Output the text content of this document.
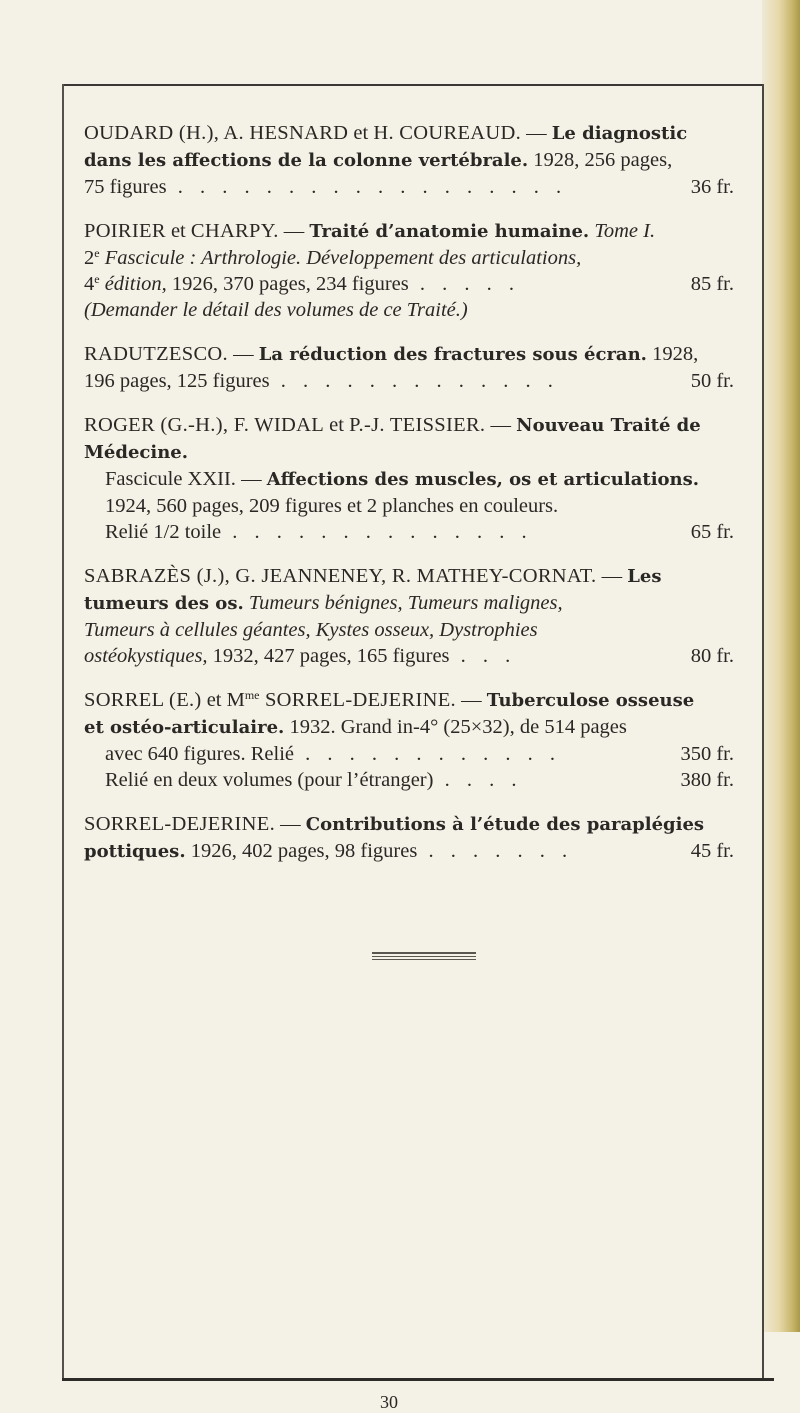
OUDARD (H.), A. HESNARD et H. COUREAUD. — Le diagnostic
dans les affections de la colonne vertébrale. 1928, 256 pages,
75 figures . . . . . . . . . . . . . . . . . .	36 fr.
POIRIER et CHARPY. — Traité d’anatomie humaine. Tome I.
2e Fascicule : Arthrologie. Développement des articulations,
4e édition, 1926, 370 pages, 234 figures . . . . .	85 fr.
(Demander le détail des volumes de ce Traité.)
RADUTZESCO. — La réduction des fractures sous écran. 1928,
196 pages, 125 figures . . . . . . . . . . . . .	50 fr.
ROGER (G.-H.), F. WIDAL et P.-J. TEISSIER. — Nouveau Traité de
Médecine.
Fascicule XXII. — Affections des muscles, os et articulations.
1924, 560 pages, 209 figures et 2 planches en couleurs.
Relié 1/2 toile . . . . . . . . . . . . . .	65 fr.
SABRAZÈS (J.), G. JEANNENEY, R. MATHEY-CORNAT. — Les
tumeurs des os. Tumeurs bénignes, Tumeurs malignes,
Tumeurs à cellules géantes, Kystes osseux, Dystrophies
ostéokystiques, 1932, 427 pages, 165 figures . . .	80 fr.
SORREL (E.) et $M^{me}$ SORREL-DEJERINE. — Tuberculose osseuse
et ostéo-articulaire. 1932. Grand in-4° (25×32), de 514 pages
avec 640 figures. Relié . . . . . . . . . . . .	350 fr.
Relié en deux volumes (pour l’étranger) . . . .	380 fr.
SORREL-DEJERINE. — Contributions à l’étude des paraplégies
pottiques. 1926, 402 pages, 98 figures . . . . . . .	45 fr.
30
